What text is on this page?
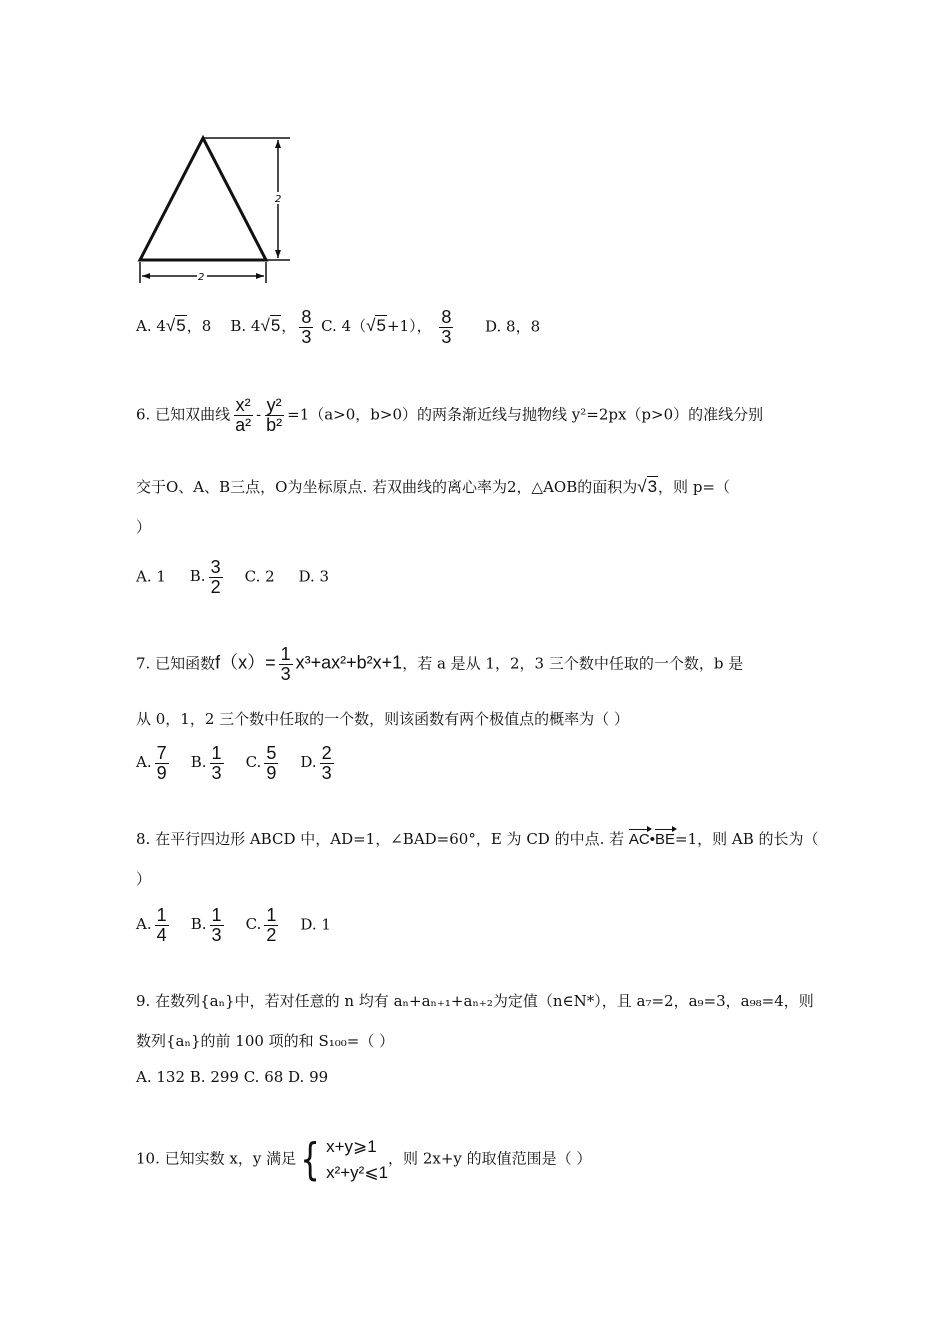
2
2
A. 4√5，8 B. 4√5， $\frac{8}{3} C$. 4（√5+1）， $\frac{8}{3} D$. 8，8
6. 已知双曲线 $\frac{\text{x²}}{\text{a²}} - \frac{\text{y²}}{\text{b²}} =1(a>0$，b>0）的两条渐近线与抛物线 y²=2px（p>0）的准线分别
交于O、A、B三点，O为坐标原点. 若双曲线的离心率为2，△AOB的面积为√3，则 p=（
）
A. 1 B. $\frac{3}{2} C$. 2 D. 3
7. 已知函数$f(x)= \frac{1}{3} x^3+ax^2+b^2x+1$，若 a 是从 1，2，3 三个数中任取的一个数，b 是
从 0，1，2 三个数中任取的一个数，则该函数有两个极值点的概率为（ ）
A. $\frac{7}{9} B$. $\frac{1}{3} C$. $\frac{5}{9} D$. $\frac{2}{3}$
8. 在平行四边形 ABCD 中，AD=1，∠BAD=60°，E 为 CD 的中点. 若 AC•BE=1，则 AB 的长为（
）
A. $\frac{1}{4} B$. $\frac{1}{3} C$. $\frac{1}{2} D$. 1
9. 在数列{aₙ}中，若对任意的 n 均有 aₙ+aₙ₊₁+aₙ₊₂为定值（n∈N*），且 a₇=2，a₉=3，a₉₈=4，则
数列{aₙ}的前 100 项的和 S₁₀₀=（ ）
A. 132 B. 299 C. 68 D. 99
10. 已知实数 x，y 满足 { x+y⩾1
x²+y²⩽1
，则 2x+y 的取值范围是（ ）
